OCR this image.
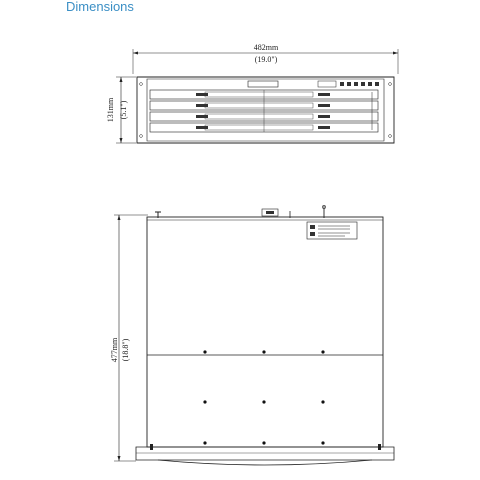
Dimensions
482mm
(19.0")
131mm (5.1")
477mm (18.8")
